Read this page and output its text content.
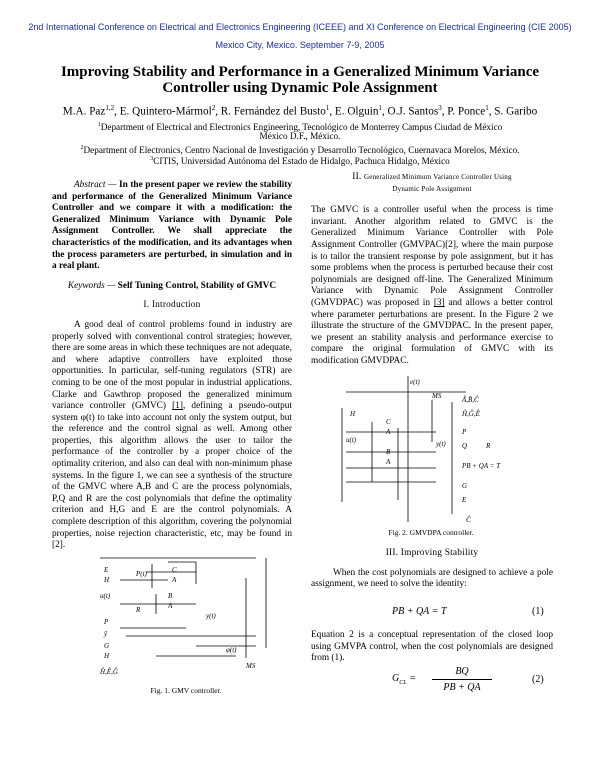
2nd International Conference on Electrical and Electronics Engineering (ICEEE) and XI Conference on Electrical Engineering (CIE 2005)
Mexico City, Mexico. September 7-9, 2005
Improving Stability and Performance in a Generalized Minimum Variance
Controller using Dynamic Pole Assignment
M.A. Paz$^{1,2}$, E. Quintero-Mármol$^2$, R. Fernández del Busto$^1$, E. Olguin$^1$, O.J. Santos$^3$, P. Ponce$^1$, S. Garibo
$^1$Department of Electrical and Electronics Engineering, Tecnológico de Monterrey Campus Ciudad de México
México D.F., México.
$^2$Department of Electronics, Centro Nacional de Investigación y Desarrollo Tecnológico, Cuernavaca Morelos, México.
$^3$CITIS, Universidad Autónoma del Estado de Hidalgo, Pachuca Hidalgo, México

Abstract — In the present paper we review the stability and performance of the Generalized Minimum Variance Controller and we compare it with a modification: the Generalized Minimum Variance with Dynamic Pole Assignment Controller. We shall appreciate the characteristics of the modification, and its advantages when the process parameters are perturbed, in simulation and in a real plant.

Keywords — Self Tuning Control, Stability of GMVC

I. Introduction

A good deal of control problems found in industry are properly solved with conventional control strategies; however, there are some areas in which these techniques are not adequate, and where adaptive controllers have exploited those opportunities. In particular, self-tuning regulators (STR) are coming to be one of the most popular in industrial applications. Clarke and Gawthrop proposed the generalized minimum variance controller (GMVC) [1], defining a pseudo-output system φ(t) to take into account not only the system output, but the reference and the control signal as well. Among other properties, this algorithm allows the user to tailor the performance of the controller by a proper choice of the optimality criterion, and also can deal with non-minimum phase systems. In the figure 1, we can see a synthesis of the structure of the GMVC where A,B and C are the process polynomials, P,Q and R are the cost polynomials that define the optimality criterion and H,G and E are the control polynomials. A complete description of this algorithm, covering the polynomial properties, noise rejection characteristic, etc, may be found in [2].

E
H
P(t)	C
A
u(t)	B
A
R
y(t)
P
ŷ
G
H
φ(t)
MS
Ĥ,Ê,Ĝ
Fig. 1. GMV controller.

II. Generalized Minimum Variance Controller Using

Dynamic Pole Assignment

The GMVC is a controller useful when the process is time invariant. Another algorithm related to GMVC is the Generalized Minimum Variance Controller with Pole Assignment Controller (GMVPAC)[2], where the main purpose is to tailor the transient response by pole assignment, but it has some problems when the process is perturbed because their cost polynomials are designed off-line. The Generalized Minimum Variance with Dynamic Pole Assignment Controller (GMVDPAC) was proposed in [3] and allows a better control where parameter perturbations are present. In the Figure 2 we illustrate the structure of the GMVDPAC. In the present paper, we present an stability analysis and performance exercise to compare the original formulation of GMVC with its modification GMVDPAC.

e(t)
u(t)	y(t)
C
A
B
A
H
MS	Â,B̂,Ĉ
Ĥ,Ĝ,Ê
P
Q	R
PB + QA = T
G
E
Ĉ
Fig. 2. GMVDPA controller.

III. Improving Stability

When the cost polynomials are designed to achieve a pole assignment, we need to solve the identity:

PB + QA = T	(1)

Equation 2 is a conceptual representation of the closed loop using GMVPA control, when the cost polynomials are designed from (1).

$G_{CL}$ =
BQ
PB + QA
(2)
